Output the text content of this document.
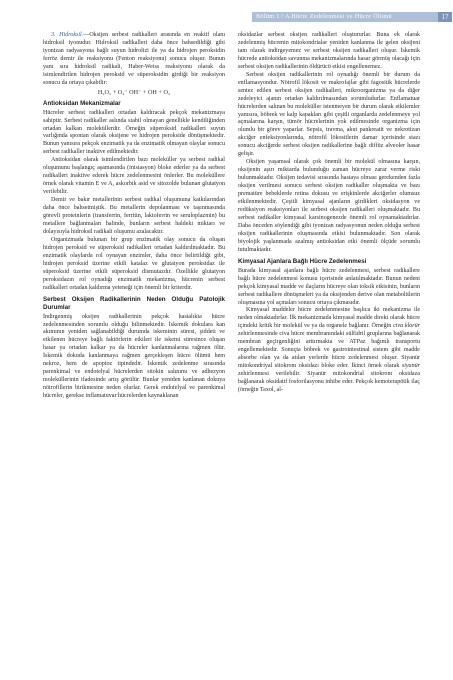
Bölüm 1 / A Hücre Zedelenmesi ve Hücre Ölümü	17

3. Hidroksil.—Oksijen serbest radikalleri arasında en reaktif olanı hidroksil iyonudur. Hidroksil radikalleri daha önce bahsedildiği gibi iyonizan radyasyona bağlı suyun hidrolizi ile ya da hidrojen peroksidin ferröz demir ile reaksiyonu (Fenton reaksiyonu) sonucu oluşur. Bunun yanı sıra hidroksil radikali, Haber-Weiss reaksiyonu olarak da isimlendirilen hidrojen peroksid ve süperoksidin girdiği bir reaksiyon sonucu da ortaya çıkabilir:

H₂O₂ + O₂⁻ OH⁻ + OH + O₂
Antioksidan Mekanizmalar

Hücreler serbest radikalleri ortadan kaldıracak pekçok mekanizmaya sahiptir. Serbest radikaller aslında stabil olmayan genellikle kendiliğinden ortadan kalkan moleküllerdir. Örneğin süperoksid radikalleri suyun varlığında spontan olarak oksijene ve hidrojen perokside dönüşmektedir. Bunun yanısıra pekçok enzimatik ya da enzimatik olmayan olaylar sonucu serbest radikaller inaktive edilmektedir.

Antioksidan olarak isimlendirilen bazı moleküller ya serbest radikal oluşumunu başlangıç aşamasında (inisiasyon) bloke ederler ya da serbest radikalleri inaktive ederek hücre zedelenmesini önlerler. Bu moleküllere örnek olarak vitamin E ve A, askorbik asid ve sitozolde bulunan glutatyon verilebilir.

Demir ve bakır metallerinin serbest radikal oluşumuna katkılarından daha önce bahsetmiştik. Bu metallerin depolanması ve taşınmasında görevli proteinlerin (transferrin, ferritin, laktoferrin ve seruloplazmin) bu metallere bağlanmaları halinde, bunların serbest haldeki miktarı ve dolayısıyla hidroksil radikali oluşumu azalacaktır.

Organizmada bulunan bir grup enzimatik olay sonucu da oluşan hidrojen peroksid ve süperoksid radikalleri ortadan kaldırılmaktadır. Bu enzimatik olaylarda rol oynayan enzimler, daha önce belirtildiği gibi, hidrojen peroksid üzerine etkili katalaz ve glutatyon peroksidaz ile süperoksid üzerine etkili süperoksid dismutazdır. Özellikle glutatyon peroksidazın rol oynadığı enzimatik mekanizma, hücrenin serbest radikalleri ortadan kaldırma yeteneği için önemli bir kriterdir.

Serbest Oksijen Radikallerinin Neden Olduğu Patolojik Durumlar

İndirgenmiş oksijen radikallerinin pekçok hastalıkta hücre zedelenmesinden sorumlu olduğu bilinmektedir. İskemik dokulara kan akımının yeniden sağlanabildiği durumda iskeminin süresi, şiddeti ve etkilenen hücreye bağlı faktörlerin etkileri ile iskemi süresince oluşan hasar ya ortadan kalkar ya da hücreler kanlanmalarına rağmen ölür. İskemik dokuda kanlanmaya rağmen gerçekleşen hücre ölümü hem nekroz, hem de apoptoz tipindedir. İskemik zedelenme sırasında parenkimal ve endotelyal hücrelerden sitokin salınımı ve adhezyon moleküllerinin ifadesinde artış görülür. Bunlar yeniden kanlanan dokuya nötrofillerin birikmesine neden olurlar. Gerek endotelyal ve parenkimal hücreler, gerekse inflamatuvar hücrelerden kaynaklanan

oksidazlar serbest oksijen radikalleri oluştururlar. Buna ek olarak zedelenmiş hücrenin mitokondrialar yeniden kanlanma ile gelen oksijeni tam olarak indirgeyemez ve serbest oksijen radikalleri oluşur. İskemik hücrede antioksidan savunma mekanizmalarında hasar görmüş olacağı için serbest oksijen radikallerinin öldürücü etkisi engellenemez.

Serbest oksijen radikallerinin rol oynadığı önemli bir durum da enflamasyondur. Nötrofil lökosit ve makrofajlar gibi fagositik hücrelerde sentez edilen serbest oksijen radikalleri, mikroorganizma ya da diğer zedeleyici ajanın ortadan kaldırılmasından sorumludurlar. Enflamatuar hücrelerden salınan bu moleküller istenmeyen bir durum olarak etkilemler yanısıra, böbrek ve kalp kapakları gibi çeşitli organlarda zedelenmeye yol açmalarına karşın, tümör hücrelerinin yok edilmesinde organizma için olumlu bir görev yaparlar. Sepsis, travma, akut pankreatit ve nekrotizan akciğer enfeksiyonlarında, nötrofil lökositlerin damar içerisinde stazı sonucu akciğerde serbest oksijen radikallerine bağlı diffüz alveoler hasar gelişir.

Oksijen yaşamsal olarak çok önemli bir molekül olmasına karşın, oksijenin aşırı miktarda bulunduğu zaman hücreye zarar verme riski bulunmaktadır. Oksijen tedavisi sırasında hastaya olması gerekenden fazla oksijen verilmesi sonucu serbest oksijen radikaller oluşmakta ve bazı prematüre bebeklerde retina dokusu ve erişkinlerde akciğerler olumsuz etkilenmektedir. Çeşitli kimyasal ajanların girdikleri oksidasyon ve redüksiyon reaksiyonları ile serbest oksijen radikalleri oluşmaktadır. Bu serbest radikaller kimyasal karsinogenezde önemli rol oynamaktadırlar. Daha önceden söylendiği gibi iyonizan radyasyonun neden olduğu serbest oksijen radikallerinin oluşmasında etkisi bulunmaktadır. Son olarak biyolojik yaşlanmada azalmış antioksidan etki önemli ölçüde sorumlu tutulmaktadır.

Kimyasal Ajanlara Bağlı Hücre Zedelenmesi

Burada kimyasal ajanlara bağlı hücre zedelenmesi, serbest radikallere bağlı hücre zedelenmesi konusu içerisinde anlatılmaktadır. Bunun nedeni pekçok kimyasal madde ve ilaçların hücreye olan toksik etkisinin, bunların serbest radikallere dönüşmeleri ya da oksijenden derive olan metabolitlerin oluşmasına yol açmaları sonucu ortaya çıkmasıdır.

Kimyasal maddeler hücre zedelenmesine başlıca iki mekanizma ile neden olmaktadırlar. İlk mekanizmada kimyasal madde direkt olarak hücre içindeki kritik bir molekül ve ya da organele bağlanır. Örneğin civa klorür zehirlenmesinde civa hücre membranındaki sülfidril gruplarına bağlanarak membran geçirgenliğini arttırmakta ve ATPaz bağımlı transportu engellemektedir. Sonuçta böbrek ve gastrointestinal sistem gibi madde absorbe olan ya da atılan yerlerde hücre zedelenmesi oluşur. Siyanür mitokondriyal sitokrom oksidazı bloke eder. İkinci örnek olarak siyanür zehirlenmesi verilebilir. Siyanür mitokondrial sitokrom oksidaza bağlanarak oksidatif fosforilasyonu inhibe eder. Pekçok kemoterapötik ilaç (örneğin Taxol, al-
